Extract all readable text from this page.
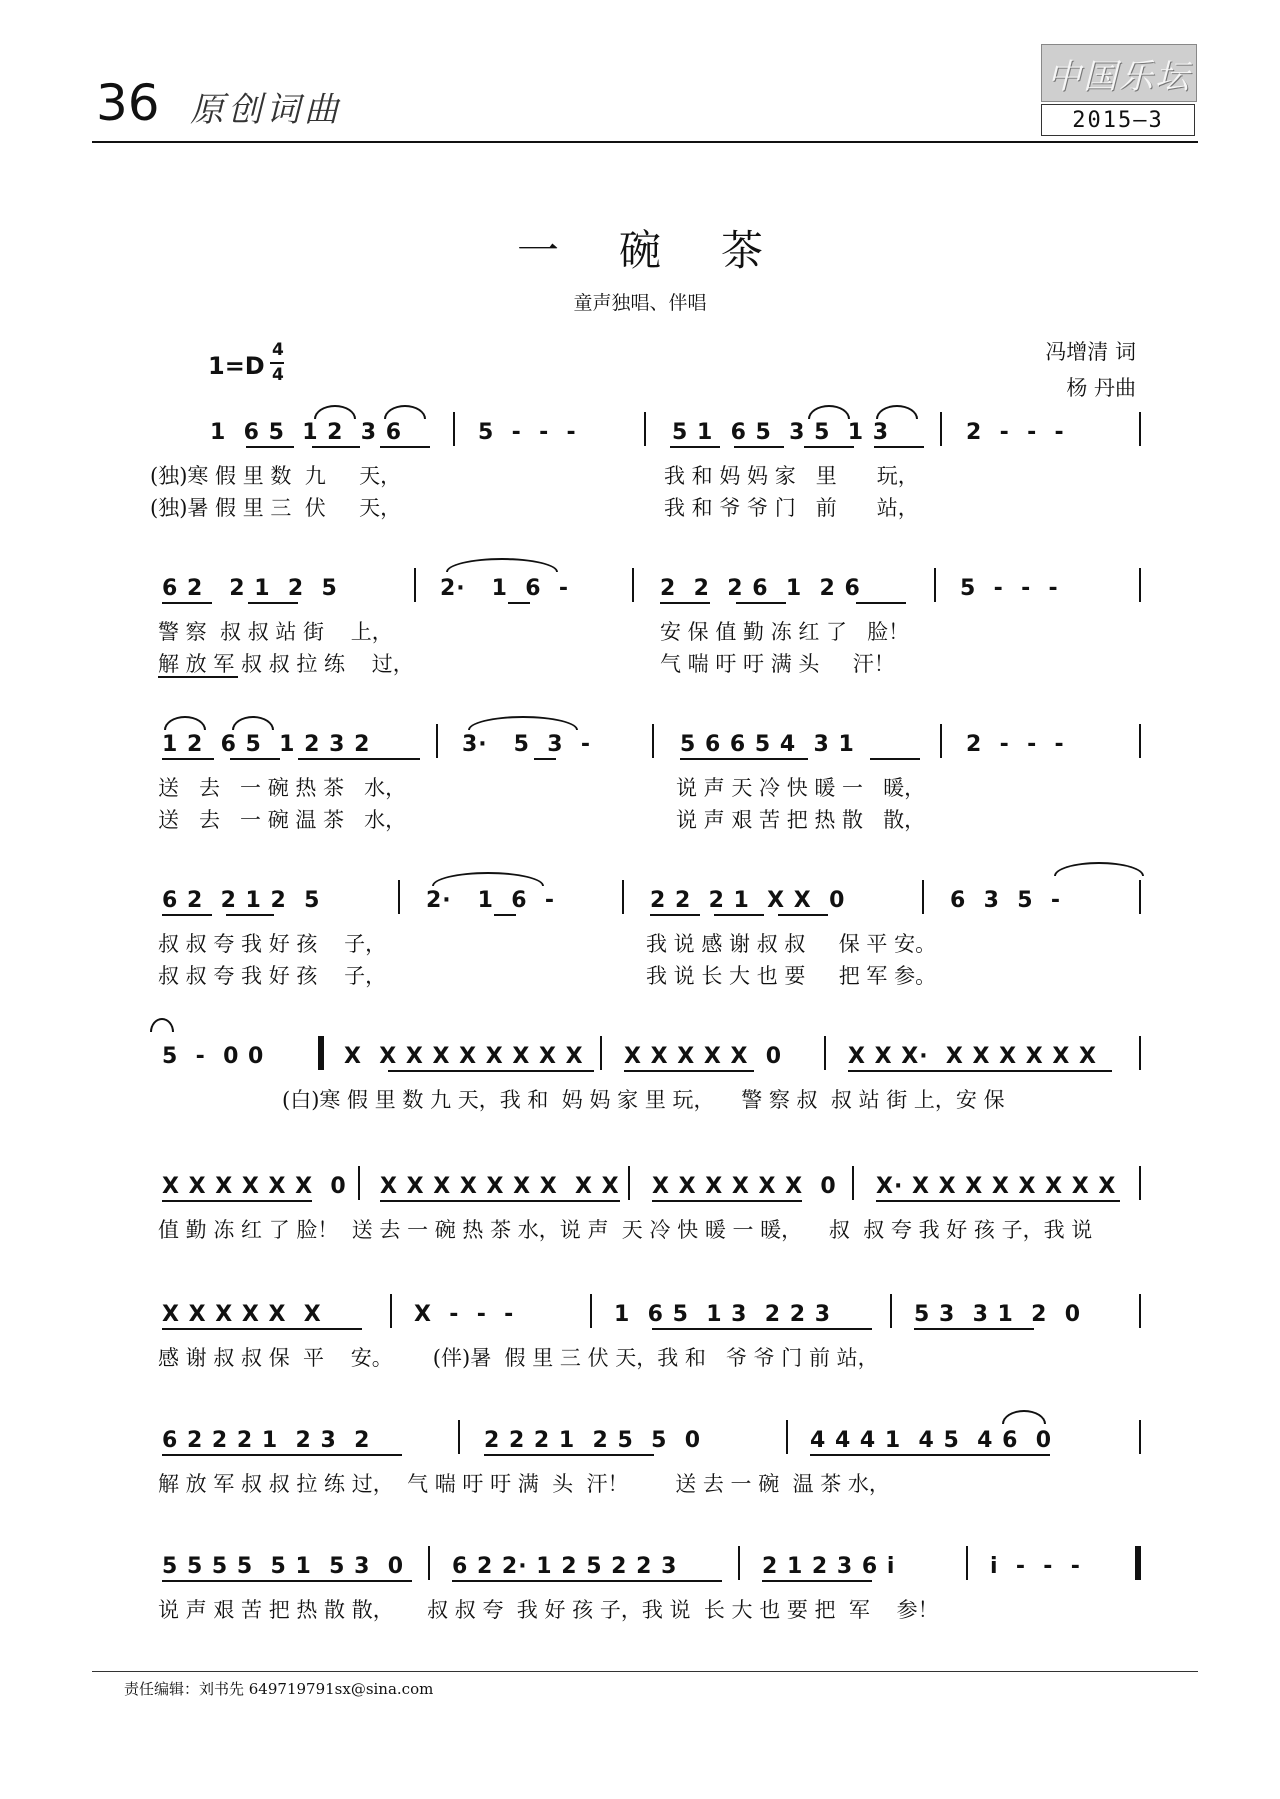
36 原创词曲
中国乐坛
2015—3
一碗茶
童声独唱、伴唱
1=D
4
4
冯增清 词
杨 丹曲
1  6 5  1 2  3 6	5  -  -  -	5 1  6 5  3 5  1 3	2  -  -  -
(独)寒 假 里 数  九     天，	我 和 妈 妈 家   里      玩，
(独)暑 假 里 三  伏     天，	我 和 爷 爷 门   前      站，
6 2   2 1  2  5	2·   1  6  -	2  2  2 6  1  2 6	5  -  -  -
警 察  叔 叔 站 街    上，	安 保 值 勤 冻 红 了   脸！
解 放 军 叔 叔 拉 练    过，	气 喘 吁 吁 满 头     汗！
1 2  6 5  1 2 3 2	3·   5  3  -	5 6 6 5 4  3 1	2  -  -  -
送   去   一 碗 热 茶   水，	说 声 天 冷 快 暖 一   暖，
送   去   一 碗 温 茶   水，	说 声 艰 苦 把 热 散   散，
6 2  2 1 2  5	2·   1  6  -	2 2  2 1  X X  0	6  3  5  -
叔 叔 夸 我 好 孩    子，	我 说 感 谢 叔 叔     保 平 安。
叔 叔 夸 我 好 孩    子，	我 说 长 大 也 要     把 军 参。
5  -  0 0	X  X X X X X X X X X X X X X  0	X X X·  X X X X X X
(白)寒 假 里 数 九 天，我 和  妈 妈 家 里 玩，    警 察 叔  叔 站 街 上，安 保
X X X X X X  0 X X X X X X X  X X X X X X X X  0 X· X X X X X X X X
值 勤 冻 红 了 脸！  送 去 一 碗 热 茶 水，说 声  天 冷 快 暖 一 暖，    叔  叔 夸 我 好 孩 子，我 说
X X X X X  X	X  -  -  -	1  6 5  1 3  2 2 3	5 3  3 1  2  0
感 谢 叔 叔 保  平    安。      (伴)暑  假 里 三 伏 天，我 和   爷 爷 门 前 站，
6 2 2 2 1  2 3  2	2 2 2 1  2 5  5  0	4 4 4 1  4 5  4 6  0
解 放 军 叔 叔 拉 练 过，  气 喘 吁 吁 满  头  汗！       送 去 一 碗  温 茶 水，
5 5 5 5  5 1  5 3  0 6 2 2· 1 2 5 2 2 3	2 1 2 3 6 i	i  -  -  -
说 声 艰 苦 把 热 散 散，     叔 叔 夸  我 好 孩 子，我 说  长 大 也 要 把  军    参！
责任编辑：刘书先 649719791sx@sina.com
